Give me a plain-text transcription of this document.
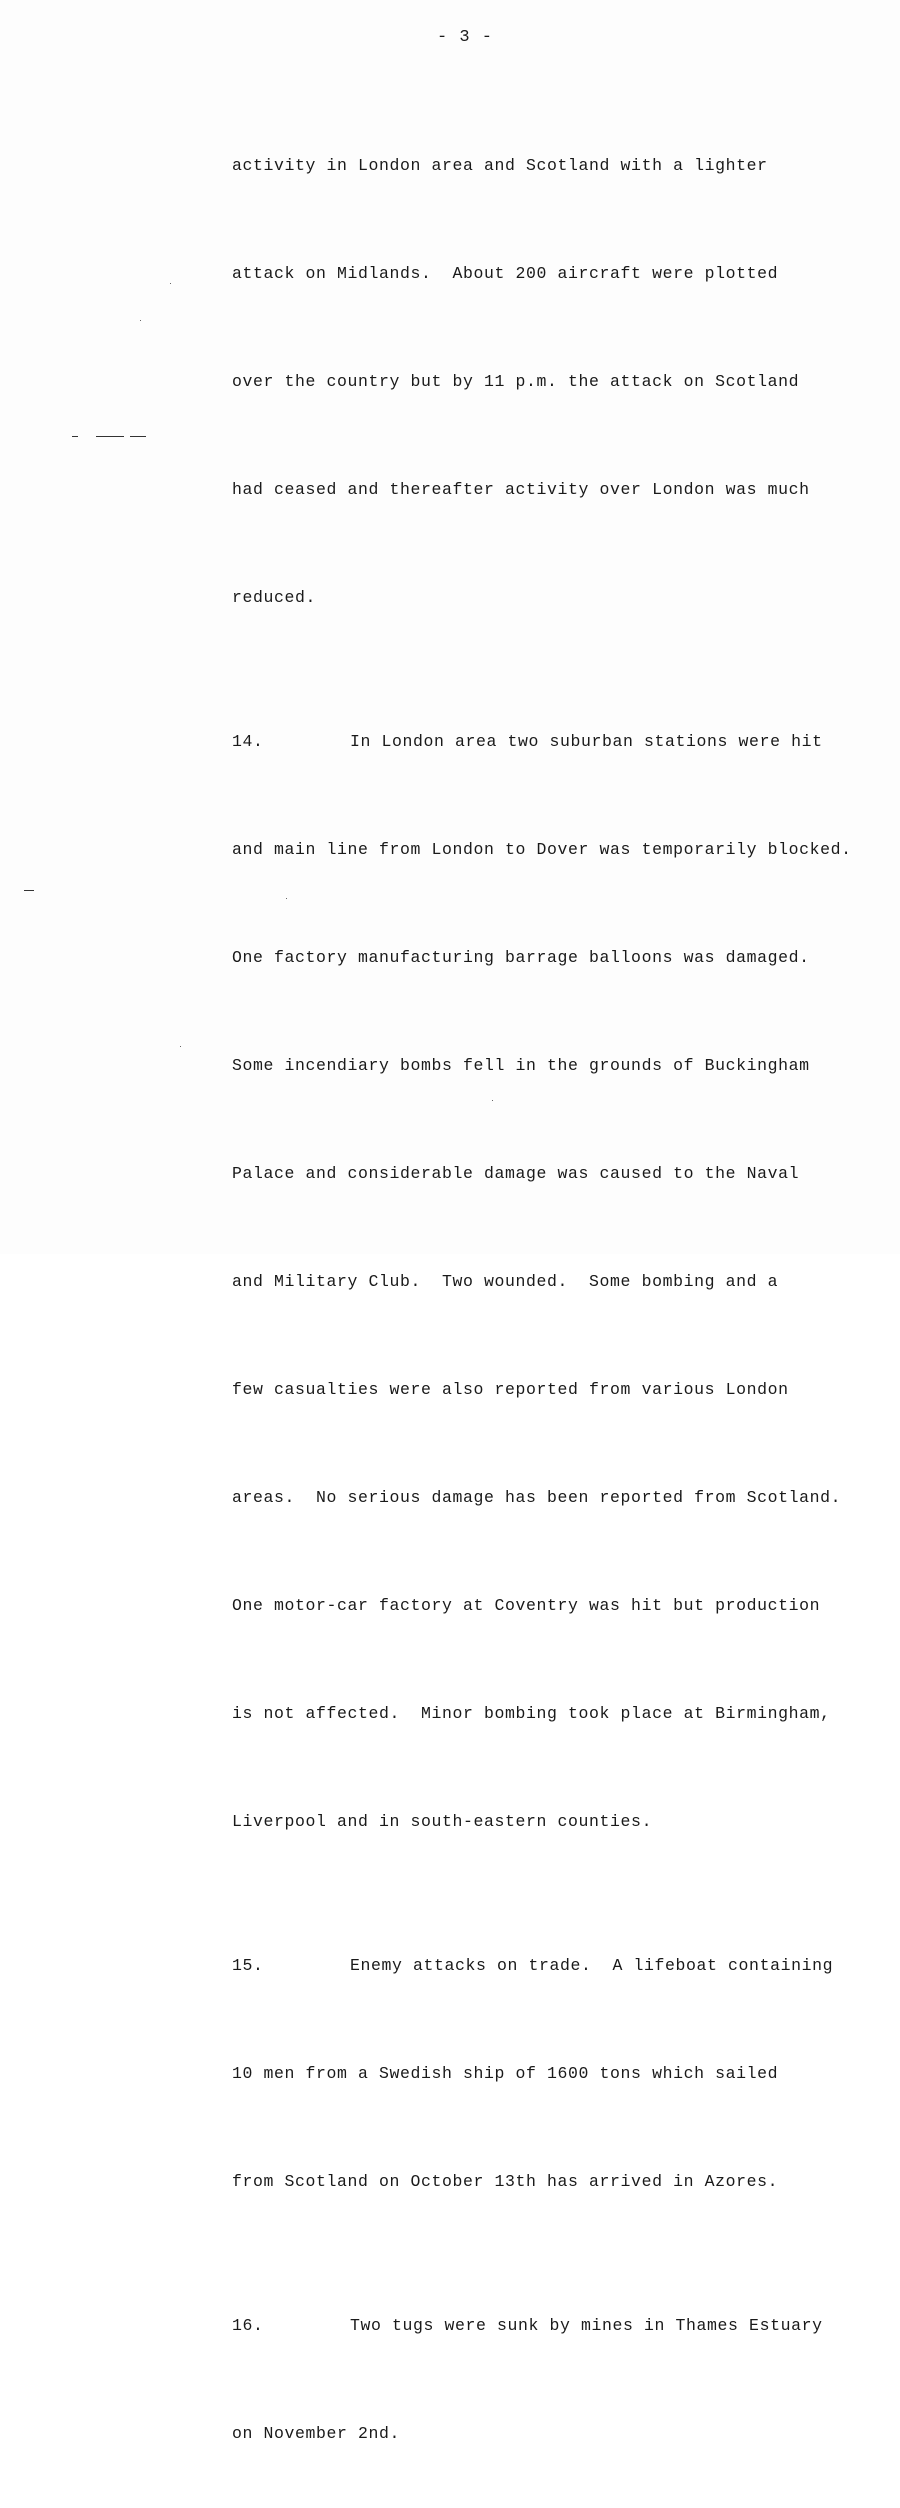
- 3 -

activity in London area and Scotland with a lighter

attack on Midlands.  About 200 aircraft were plotted

over the country but by 11 p.m. the attack on Scotland

had ceased and thereafter activity over London was much

reduced.

14.	In London area two suburban stations were hit

and main line from London to Dover was temporarily blocked.

One factory manufacturing barrage balloons was damaged.

Some incendiary bombs fell in the grounds of Buckingham

Palace and considerable damage was caused to the Naval

and Military Club.  Two wounded.  Some bombing and a

few casualties were also reported from various London

areas.  No serious damage has been reported from Scotland.

One motor-car factory at Coventry was hit but production

is not affected.  Minor bombing took place at Birmingham,

Liverpool and in south-eastern counties.

15.	Enemy attacks on trade.  A lifeboat containing

10 men from a Swedish ship of 1600 tons which sailed

from Scotland on October 13th has arrived in Azores.

16.	Two tugs were sunk by mines in Thames Estuary

on November 2nd.
